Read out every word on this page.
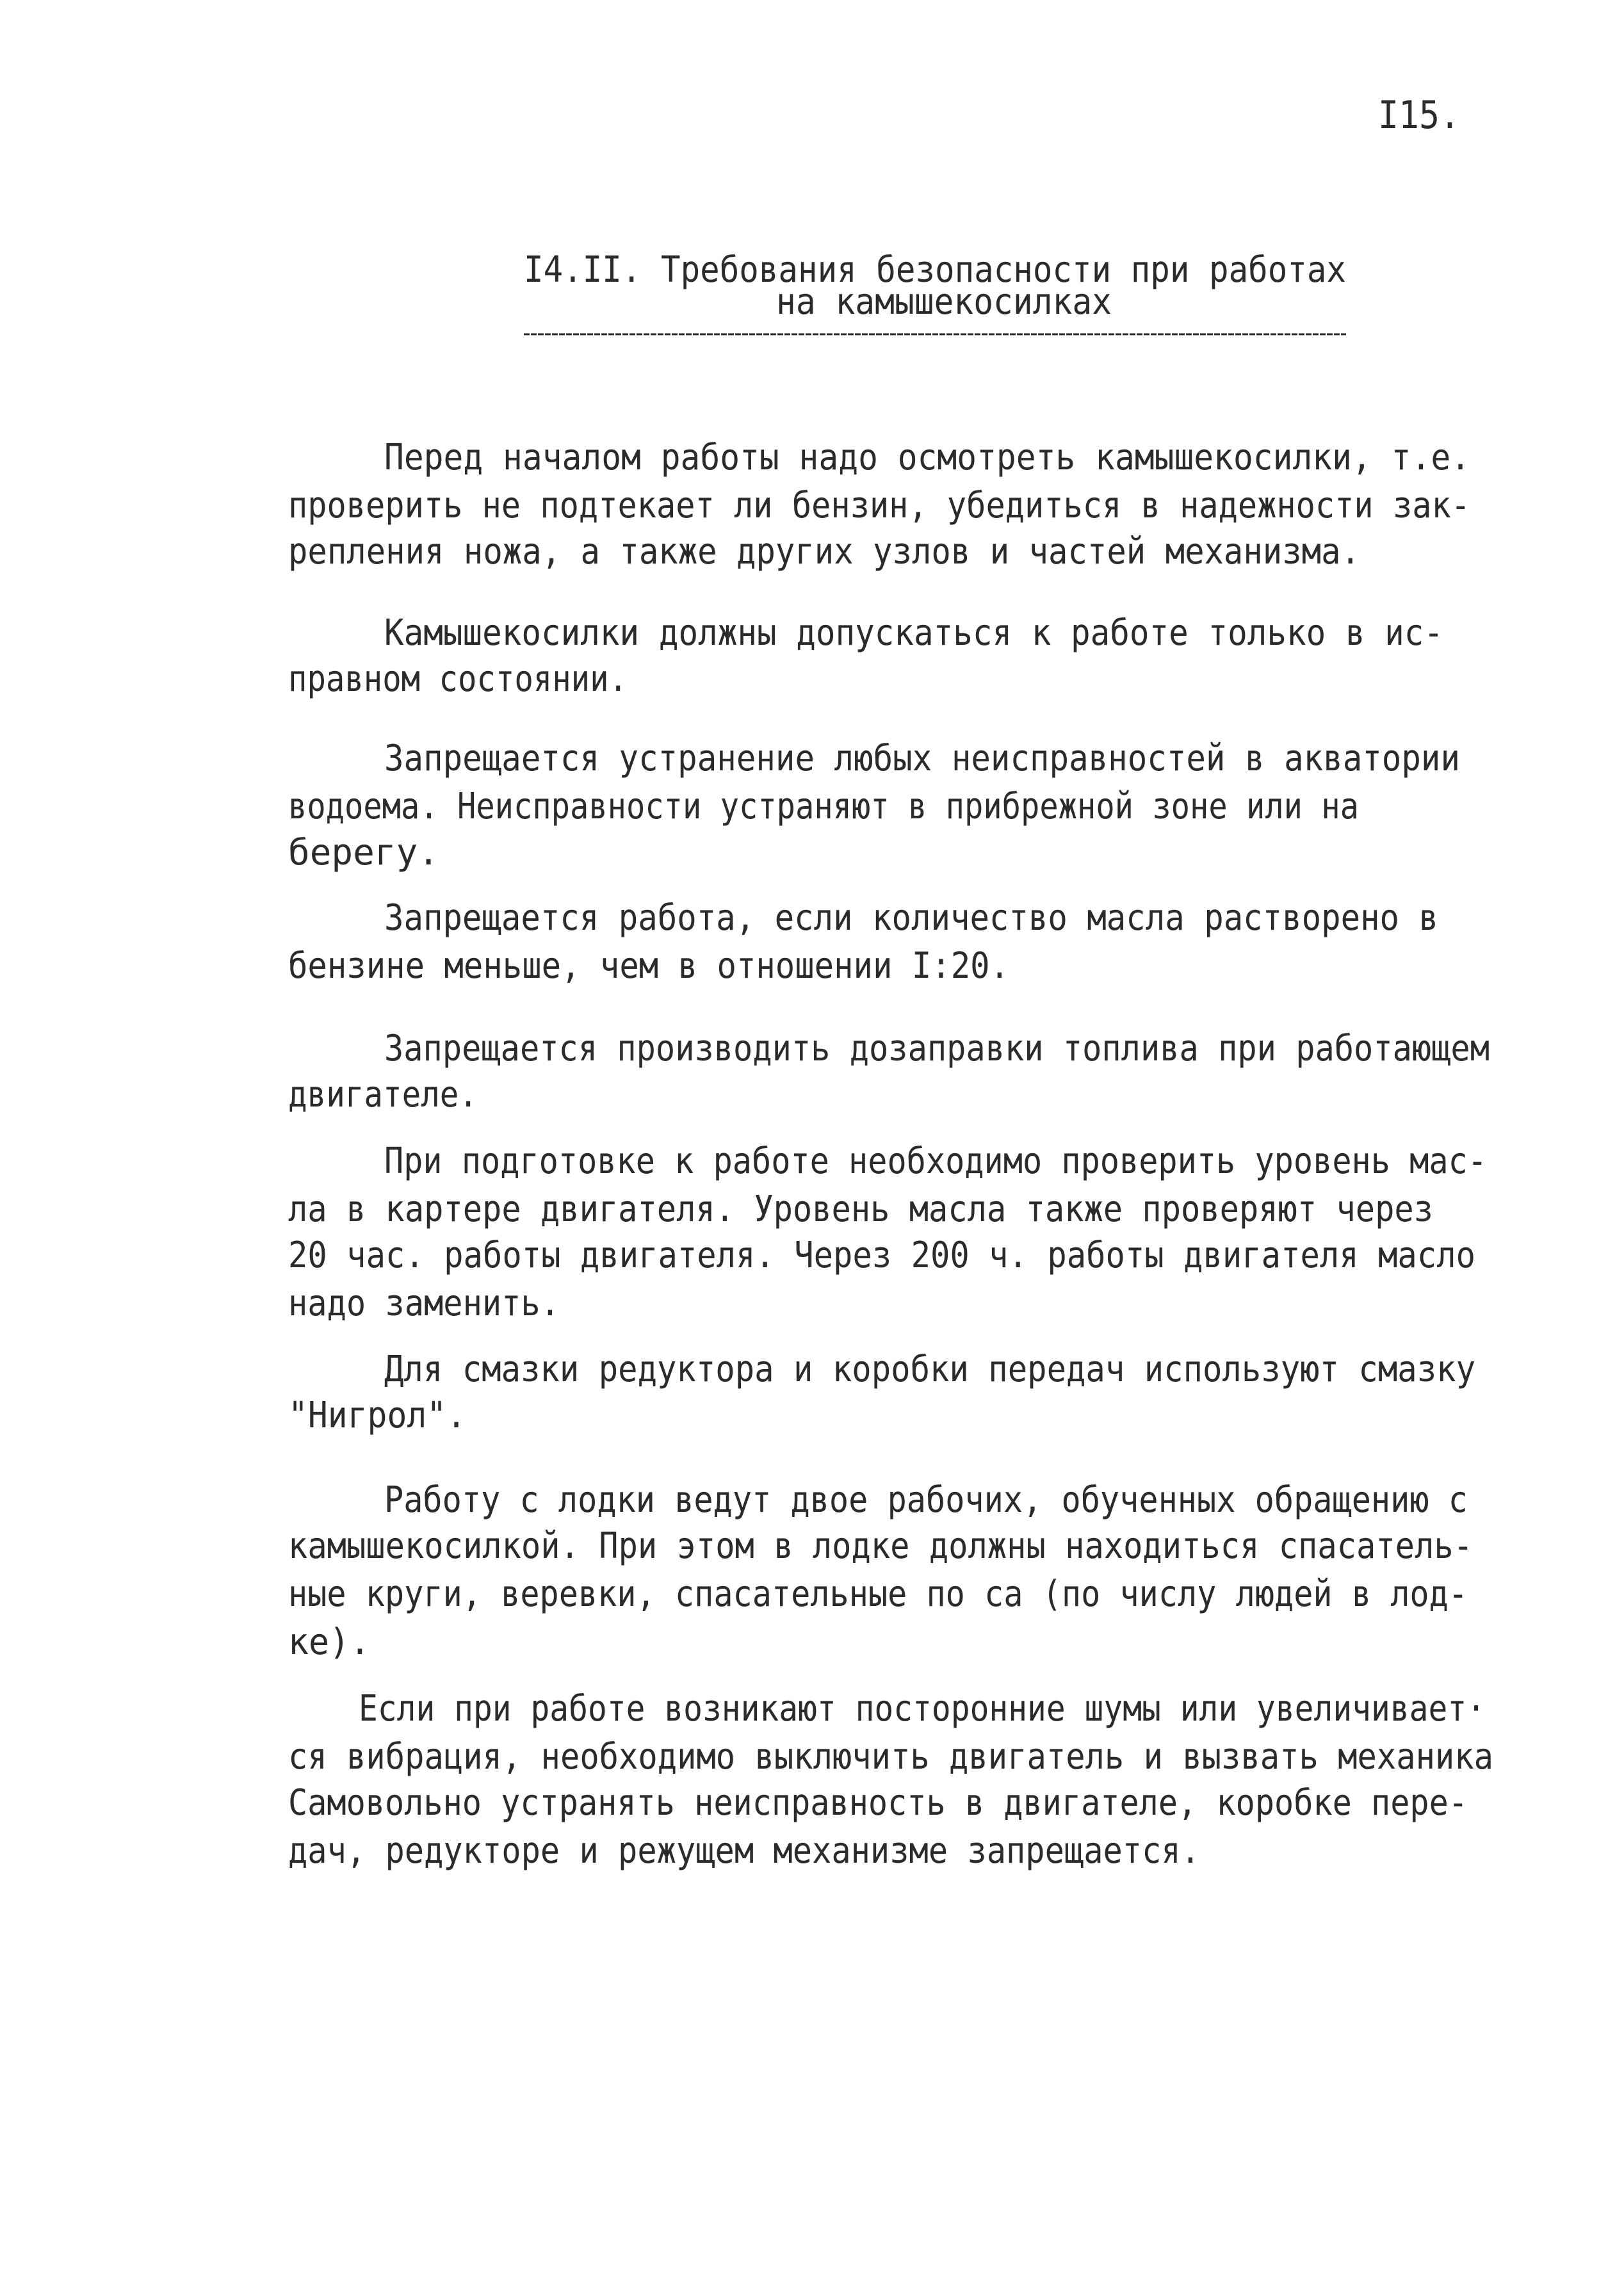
I15.
I4.II. Требования безопасности при работах
на камышекосилках
Перед началом работы надо осмотреть камышекосилки, т.е.
проверить не подтекает ли бензин, убедиться в надежности зак-
репления ножа, а также других узлов и частей механизма.
Камышекосилки должны допускаться к работе только в ис-
правном состоянии.
Запрещается устранение любых неисправностей в акватории
водоема. Неисправности устраняют в прибрежной зоне или на
берегу.
Запрещается работа, если количество масла растворено в
бензине меньше, чем в отношении I:20.
Запрещается производить дозаправки топлива при работающем
двигателе.
При подготовке к работе необходимо проверить уровень мас-
ла в картере двигателя. Уровень масла также проверяют через
20 час. работы двигателя. Через 200 ч. работы двигателя масло
надо заменить.
Для смазки редуктора и коробки передач используют смазку
"Нигрол".
Работу с лодки ведут двое рабочих, обученных обращению с
камышекосилкой. При этом в лодке должны находиться спасатель-
ные круги, веревки, спасательные по са (по числу людей в лод-
ке).
Если при работе возникают посторонние шумы или увеличивает·
ся вибрация, необходимо выключить двигатель и вызвать механика
Самовольно устранять неисправность в двигателе, коробке пере-
дач, редукторе и режущем механизме запрещается.
